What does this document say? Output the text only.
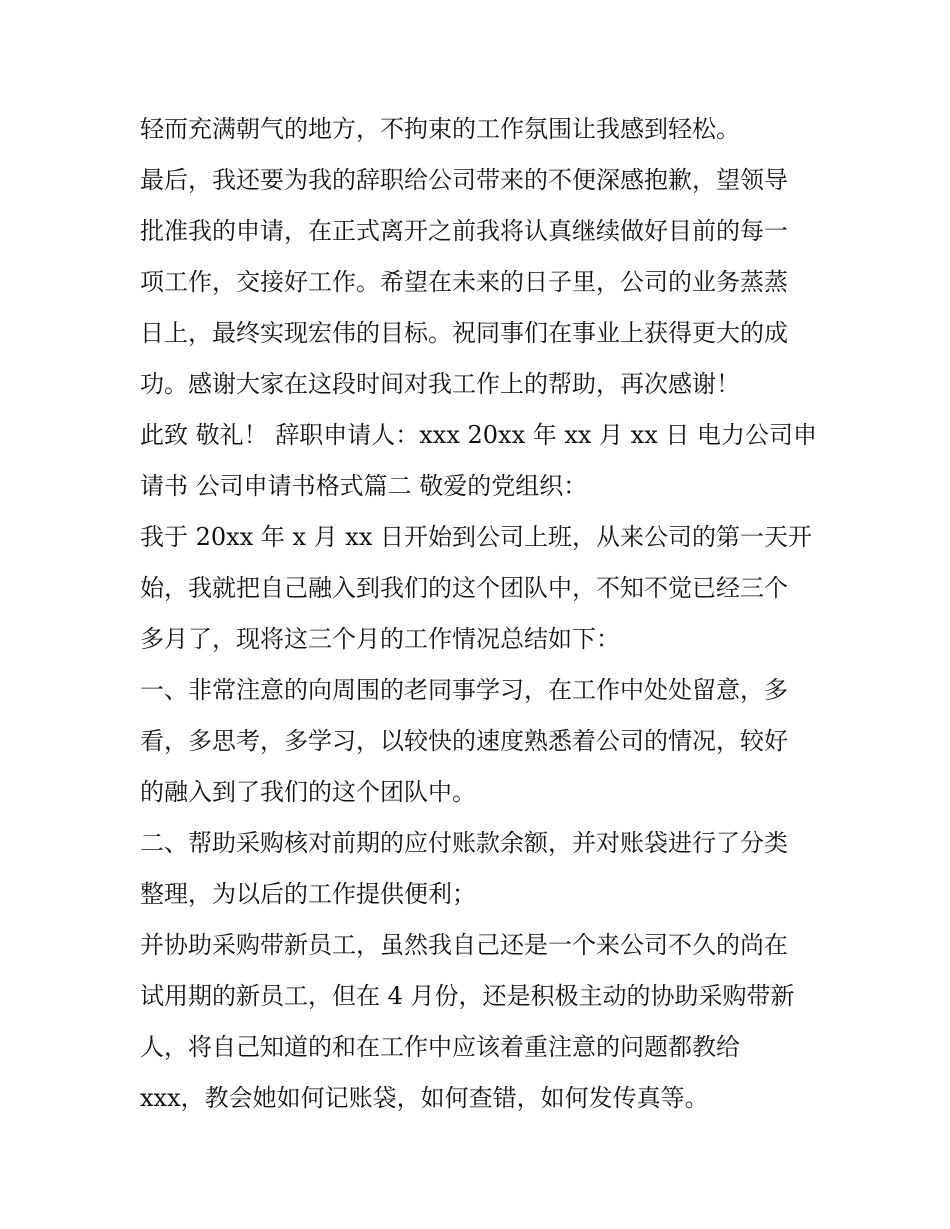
轻而充满朝气的地方，不拘束的工作氛围让我感到轻松。
最后，我还要为我的辞职给公司带来的不便深感抱歉，望领导
批准我的申请，在正式离开之前我将认真继续做好目前的每一
项工作，交接好工作。希望在未来的日子里，公司的业务蒸蒸
日上，最终实现宏伟的目标。祝同事们在事业上获得更大的成
功。感谢大家在这段时间对我工作上的帮助，再次感谢！
此致 敬礼！ 辞职申请人：xxx 20xx 年 xx 月 xx 日 电力公司申
请书 公司申请书格式篇二 敬爱的党组织：
我于 20xx 年 x 月 xx 日开始到公司上班，从来公司的第一天开
始，我就把自己融入到我们的这个团队中，不知不觉已经三个
多月了，现将这三个月的工作情况总结如下：
一、非常注意的向周围的老同事学习，在工作中处处留意，多
看，多思考，多学习，以较快的速度熟悉着公司的情况，较好
的融入到了我们的这个团队中。
二、帮助采购核对前期的应付账款余额，并对账袋进行了分类
整理，为以后的工作提供便利；
并协助采购带新员工，虽然我自己还是一个来公司不久的尚在
试用期的新员工，但在 4 月份，还是积极主动的协助采购带新
人，将自己知道的和在工作中应该着重注意的问题都教给
xxx，教会她如何记账袋，如何查错，如何发传真等。
